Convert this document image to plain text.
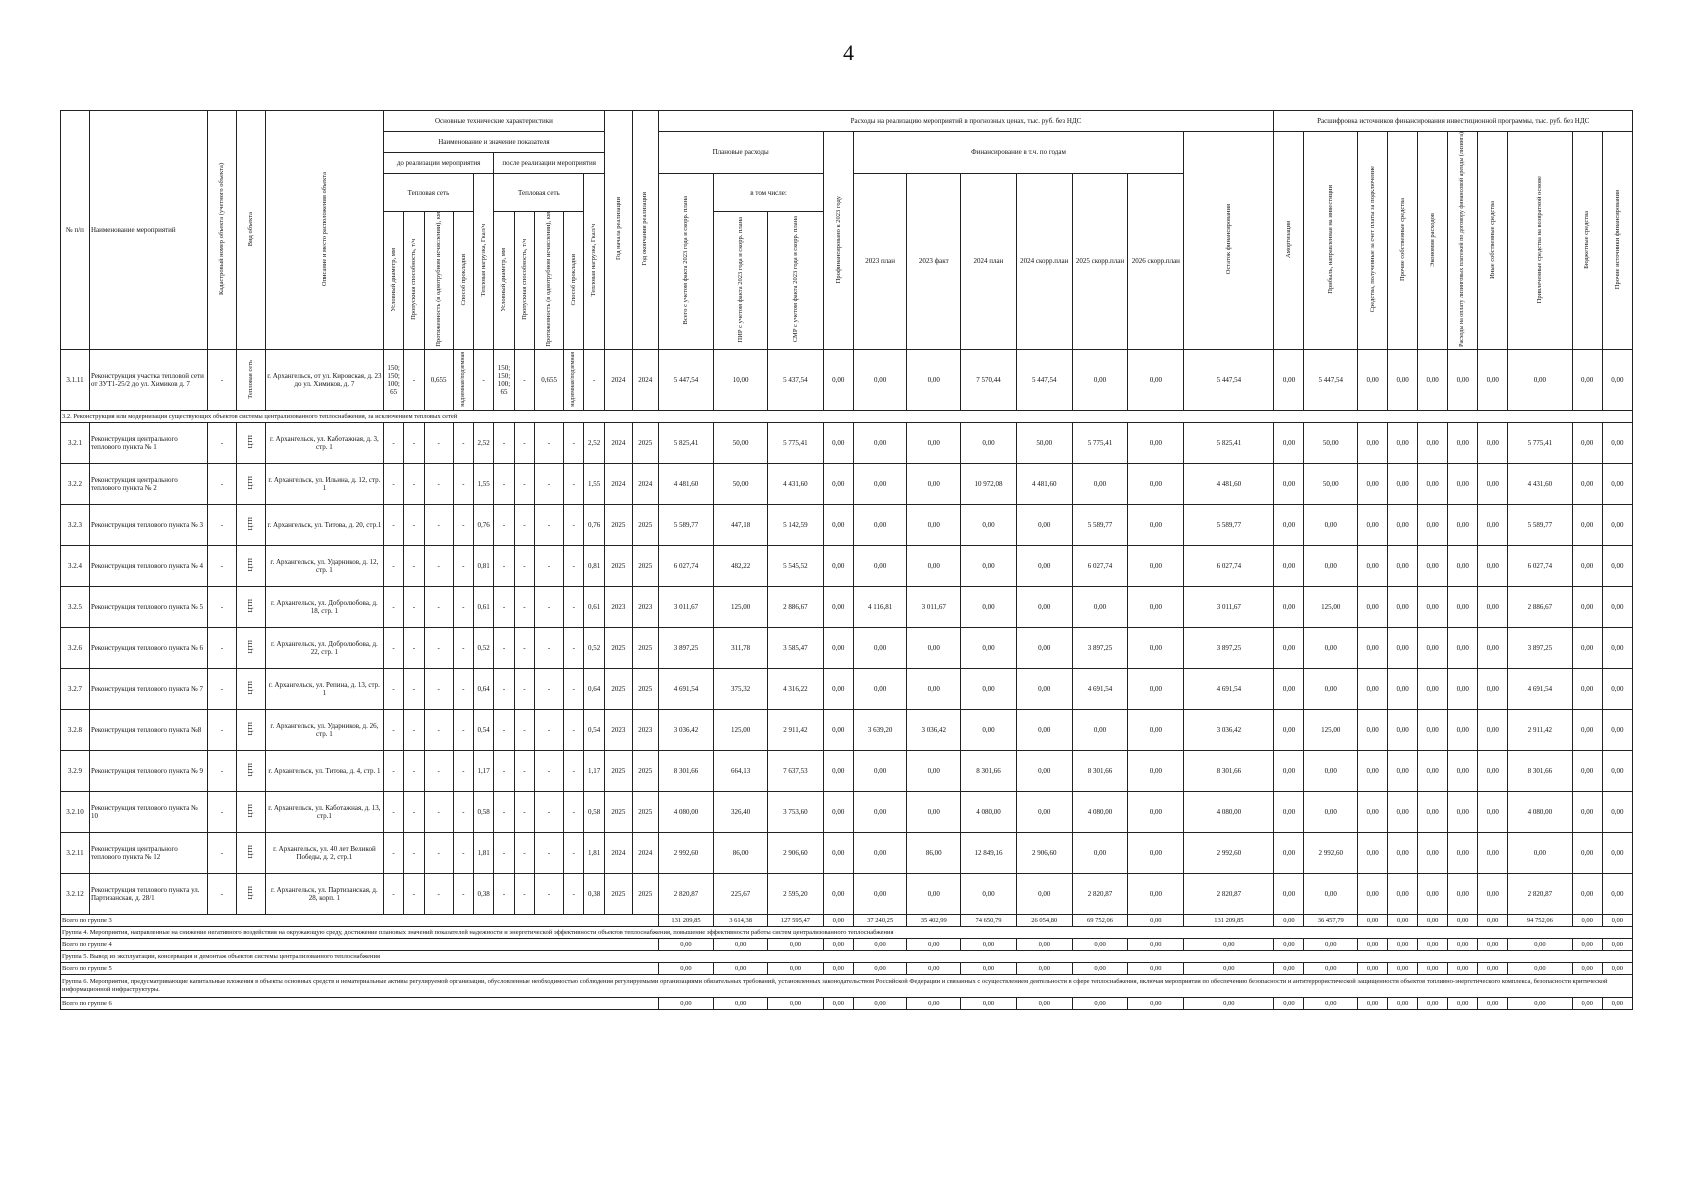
4
№ п/п	Наименование мероприятий	Кадастровый номер объекта (учетного объекта)	Вид объекта	Описание и место расположения объекта	Основные технические характеристики										Год начала реализации	Год окончания реализации	Расходы на реализацию мероприятий в прогнозных ценах, тыс. руб. без НДС											Расшифровка источников финансирования инвестиционной программы, тыс. руб. без НДС									
					Наименование и значение показателя												Плановые расходы			Профинансировано к 2023 году	Финансирование в т.ч. по годам						Остаток финансирования	Амортизация	Прибыль, направленная на инвестиции	Средства, полученные за счет платы за подключение	Прочие собственные средства	Экономия расходов	Расходы на оплату лизинговых платежей по договору финансовой аренды (лизинга)	Иные собственные средства	Привлеченные средства на возвратной основе	Бюджетные средства	Прочие источники финансирования
					до реализации мероприятия					после реализации мероприятия																											
					Тепловая сеть				Тепловая нагрузка, Гкал/ч	Тепловая сеть				Тепловая нагрузка, Гкал/ч			Всего с учетом факта 2023 года и скорр. плана	в том числе:			2023 план	2023 факт	2024 план	2024 скорр.план	2025 скорр.план	2026 скорр.план											
					Условный диаметр, мм	Пропускная способность, т/ч	Протяженность (в однотрубном исчислении), км	Способ прокладки		Условный диаметр, мм	Пропускная способность, т/ч	Протяженность (в однотрубном исчислении), км	Способ прокладки					ПИР с учетом факта 2023 года и скорр. плана	СМР с учетом факта 2023 года и скорр. плана																		
3.1.11	Реконструкция участка тепловой сети от ЗУТ1-25/2 до ул. Химиков д. 7	-	Тепловая сеть	г. Архангельск, от ул. Кировская, д. 23 до ул. Химиков, д. 7	150; 150; 100; 65	-	0,655	надземная/подземная	-	150; 150; 100; 65	-	0,655	надземная/подземная	-	2024	2024	5 447,54	10,00	5 437,54	0,00	0,00	0,00	7 570,44	5 447,54	0,00	0,00	5 447,54	0,00	5 447,54	0,00	0,00	0,00	0,00	0,00	0,00	0,00	0,00
3.2. Реконструкция или модернизация существующих объектов системы централизованного теплоснабжения, за исключением тепловых сетей																																					
3.2.1	Реконструкция центрального теплового пункта № 1	-	ЦТП	г. Архангельск, ул. Каботажная, д. 3, стр. 1	-	-	-	-	2,52	-	-	-	-	2,52	2024	2025	5 825,41	50,00	5 775,41	0,00	0,00	0,00	0,00	50,00	5 775,41	0,00	5 825,41	0,00	50,00	0,00	0,00	0,00	0,00	0,00	5 775,41	0,00	0,00
3.2.2	Реконструкция центрального теплового пункта № 2	-	ЦТП	г. Архангельск, ул. Ильина, д. 12, стр. 1	-	-	-	-	1,55	-	-	-	-	1,55	2024	2024	4 481,60	50,00	4 431,60	0,00	0,00	0,00	10 972,08	4 481,60	0,00	0,00	4 481,60	0,00	50,00	0,00	0,00	0,00	0,00	0,00	4 431,60	0,00	0,00
3.2.3	Реконструкция теплового пункта № 3	-	ЦТП	г. Архангельск, ул. Титова, д. 20, стр.1	-	-	-	-	0,76	-	-	-	-	0,76	2025	2025	5 589,77	447,18	5 142,59	0,00	0,00	0,00	0,00	0,00	5 589,77	0,00	5 589,77	0,00	0,00	0,00	0,00	0,00	0,00	0,00	5 589,77	0,00	0,00
3.2.4	Реконструкция теплового пункта № 4	-	ЦТП	г. Архангельск, ул. Ударников, д. 12, стр. 1	-	-	-	-	0,81	-	-	-	-	0,81	2025	2025	6 027,74	482,22	5 545,52	0,00	0,00	0,00	0,00	0,00	6 027,74	0,00	6 027,74	0,00	0,00	0,00	0,00	0,00	0,00	0,00	6 027,74	0,00	0,00
3.2.5	Реконструкция теплового пункта № 5	-	ЦТП	г. Архангельск, ул. Добролюбова, д. 18, стр. 1	-	-	-	-	0,61	-	-	-	-	0,61	2023	2023	3 011,67	125,00	2 886,67	0,00	4 116,81	3 011,67	0,00	0,00	0,00	0,00	3 011,67	0,00	125,00	0,00	0,00	0,00	0,00	0,00	2 886,67	0,00	0,00
3.2.6	Реконструкция теплового пункта № 6	-	ЦТП	г. Архангельск, ул. Добролюбова, д. 22, стр. 1	-	-	-	-	0,52	-	-	-	-	0,52	2025	2025	3 897,25	311,78	3 585,47	0,00	0,00	0,00	0,00	0,00	3 897,25	0,00	3 897,25	0,00	0,00	0,00	0,00	0,00	0,00	0,00	3 897,25	0,00	0,00
3.2.7	Реконструкция теплового пункта № 7	-	ЦТП	г. Архангельск, ул. Репина, д. 13, стр. 1	-	-	-	-	0,64	-	-	-	-	0,64	2025	2025	4 691,54	375,32	4 316,22	0,00	0,00	0,00	0,00	0,00	4 691,54	0,00	4 691,54	0,00	0,00	0,00	0,00	0,00	0,00	0,00	4 691,54	0,00	0,00
3.2.8	Реконструкция теплового пункта №8	-	ЦТП	г. Архангельск, ул. Ударников, д. 26, стр. 1	-	-	-	-	0,54	-	-	-	-	0,54	2023	2023	3 036,42	125,00	2 911,42	0,00	3 639,20	3 036,42	0,00	0,00	0,00	0,00	3 036,42	0,00	125,00	0,00	0,00	0,00	0,00	0,00	2 911,42	0,00	0,00
3.2.9	Реконструкция теплового пункта № 9	-	ЦТП	г. Архангельск, ул. Титова, д. 4, стр. 1	-	-	-	-	1,17	-	-	-	-	1,17	2025	2025	8 301,66	664,13	7 637,53	0,00	0,00	0,00	8 301,66	0,00	8 301,66	0,00	8 301,66	0,00	0,00	0,00	0,00	0,00	0,00	0,00	8 301,66	0,00	0,00
3.2.10	Реконструкция теплового пункта № 10	-	ЦТП	г. Архангельск, ул. Каботажная, д. 13, стр.1	-	-	-	-	0,58	-	-	-	-	0,58	2025	2025	4 080,00	326,40	3 753,60	0,00	0,00	0,00	4 080,00	0,00	4 080,00	0,00	4 080,00	0,00	0,00	0,00	0,00	0,00	0,00	0,00	4 080,00	0,00	0,00
3.2.11	Реконструкция центрального теплового пункта № 12	-	ЦТП	г. Архангельск, ул. 40 лет Великой Победы, д. 2, стр.1	-	-	-	-	1,81	-	-	-	-	1,81	2024	2024	2 992,60	86,00	2 906,60	0,00	0,00	86,00	12 849,16	2 906,60	0,00	0,00	2 992,60	0,00	2 992,60	0,00	0,00	0,00	0,00	0,00	0,00	0,00	0,00
3.2.12	Реконструкция теплового пункта ул. Партизанская, д. 28/1	-	ЦТП	г. Архангельск, ул. Партизанская, д. 28, корп. 1	-	-	-	-	0,38	-	-	-	-	0,38	2025	2025	2 820,87	225,67	2 595,20	0,00	0,00	0,00	0,00	0,00	2 820,87	0,00	2 820,87	0,00	0,00	0,00	0,00	0,00	0,00	0,00	2 820,87	0,00	0,00
Всего по группе 3																	131 209,85	3 614,38	127 595,47	0,00	37 240,25	35 402,99	74 650,79	26 054,80	69 752,06	0,00	131 209,85	0,00	36 457,79	0,00	0,00	0,00	0,00	0,00	94 752,06	0,00	0,00
Группа 4. Мероприятия, направленные на снижение негативного воздействия на окружающую среду, достижение плановых значений показателей надежности и энергетической эффективности объектов теплоснабжения, повышение эффективности работы систем централизованного теплоснабжения																																					
Всего по группе 4																	0,00	0,00	0,00	0,00	0,00	0,00	0,00	0,00	0,00	0,00	0,00	0,00	0,00	0,00	0,00	0,00	0,00	0,00	0,00	0,00	0,00
Группа 5. Вывод из эксплуатации, консервация и демонтаж объектов системы централизованного теплоснабжения																																					
Всего по группе 5																	0,00	0,00	0,00	0,00	0,00	0,00	0,00	0,00	0,00	0,00	0,00	0,00	0,00	0,00	0,00	0,00	0,00	0,00	0,00	0,00	0,00
Группа 6. Мероприятия, предусматривающие капитальные вложения в объекты основных средств и нематериальные активы регулируемой организации, обусловленные необходимостью соблюдения регулируемыми организациями обязательных требований, установленных законодательством Российской Федерации и связанных с осуществлением деятельности в сфере теплоснабжения, включая мероприятия по обеспечению безопасности и антитеррористической защищенности объектов топливно-энергетического комплекса, безопасности критической информационной инфраструктуры.																																					
Всего по группе 6																	0,00	0,00	0,00	0,00	0,00	0,00	0,00	0,00	0,00	0,00	0,00	0,00	0,00	0,00	0,00	0,00	0,00	0,00	0,00	0,00	0,00
